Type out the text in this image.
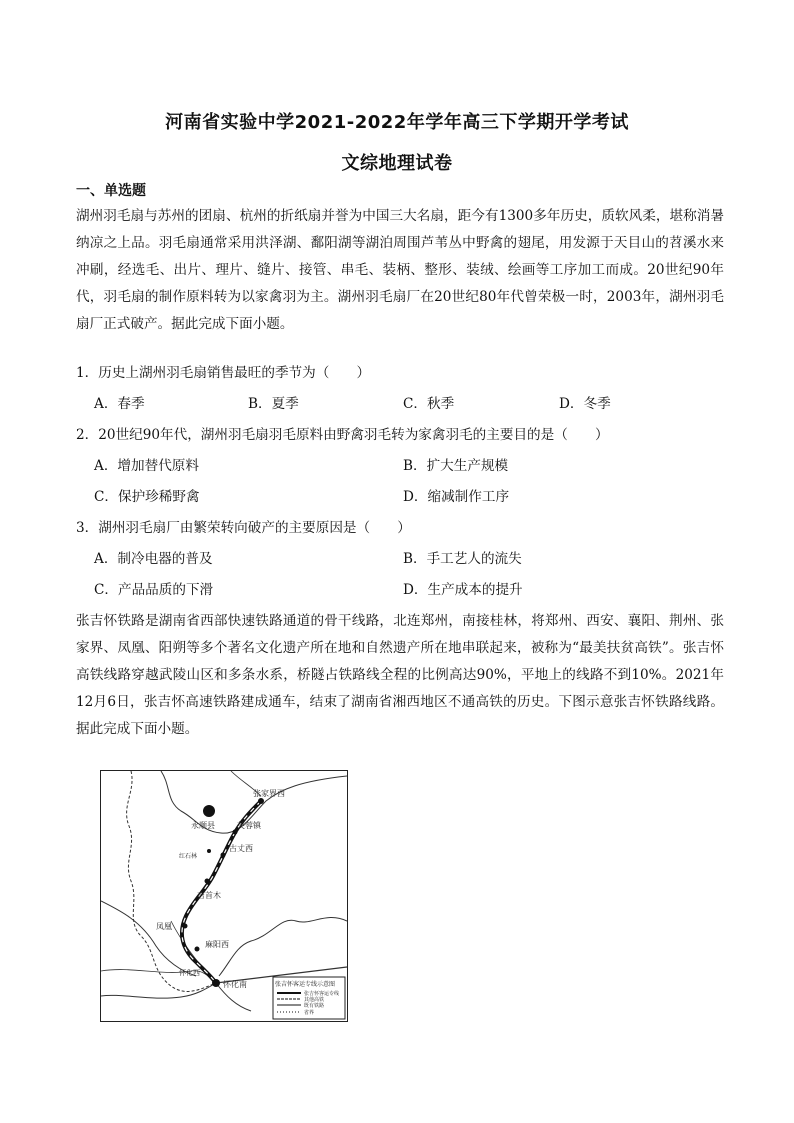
河南省实验中学2021-2022年学年高三下学期开学考试
文综地理试卷
一、单选题

湖州羽毛扇与苏州的团扇、杭州的折纸扇并誉为中国三大名扇，距今有1300多年历史，质软风柔，堪称消暑纳凉之上品。羽毛扇通常采用洪泽湖、鄱阳湖等湖泊周围芦苇丛中野禽的翅尾，用发源于天目山的苕溪水来冲刷，经选毛、出片、理片、缝片、接管、串毛、装柄、整形、装绒、绘画等工序加工而成。20世纪90年代，羽毛扇的制作原料转为以家禽羽为主。湖州羽毛扇厂在20世纪80年代曾荣极一时，2003年，湖州羽毛扇厂正式破产。据此完成下面小题。

1．历史上湖州羽毛扇销售最旺的季节为（　　）
A．春季	B．夏季	C．秋季	D．冬季
2．20世纪90年代，湖州羽毛扇羽毛原料由野禽羽毛转为家禽羽毛的主要目的是（　　）
A．增加替代原料	B．扩大生产规模
C．保护珍稀野禽	D．缩减制作工序
3．湖州羽毛扇厂由繁荣转向破产的主要原因是（　　）
A．制冷电器的普及	B．手工艺人的流失
C．产品品质的下滑	D．生产成本的提升

张吉怀铁路是湖南省西部快速铁路通道的骨干线路，北连郑州，南接桂林，将郑州、西安、襄阳、荆州、张家界、凤凰、阳朔等多个著名文化遗产所在地和自然遗产所在地串联起来，被称为“最美扶贫高铁”。张吉怀高铁线路穿越武陵山区和多条水系，桥隧占铁路线全程的比例高达90%，平地上的线路不到10%。2021年12月6日，张吉怀高速铁路建成通车，结束了湖南省湘西地区不通高铁的历史。下图示意张吉怀铁路线路。据此完成下面小题。

张家界西
永顺县	芙蓉镇
红石林
古丈西
吉首木
凤凰
麻阳西
怀化西
怀化南	张吉怀客运专线示意图
张吉怀客运专线
其他高铁
既有铁路
省界
